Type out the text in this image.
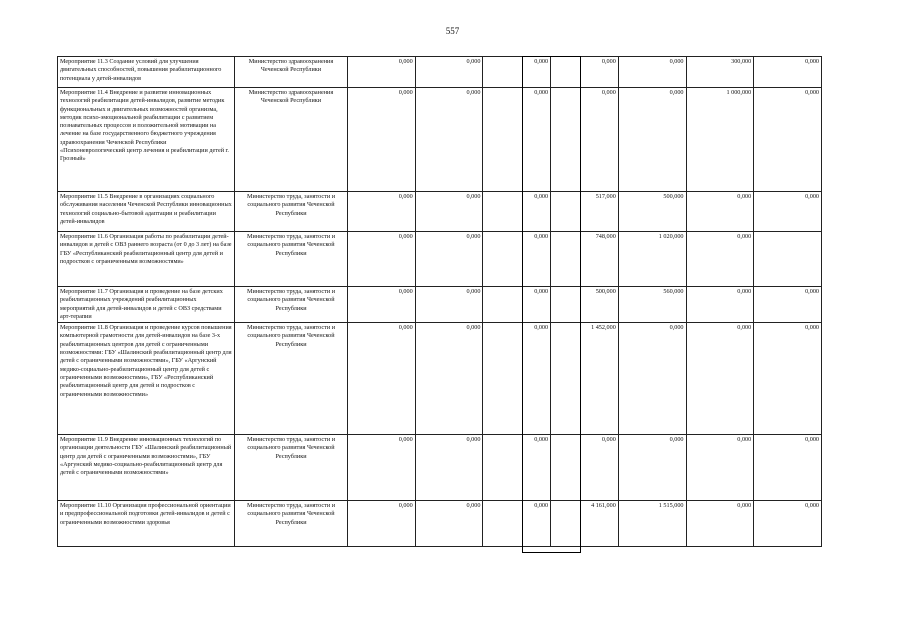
557
Мероприятие 11.3 Создание условий для улучшения двигательных способностей, повышения реабилитационного потенциала у детей-инвалидов	Министерство здравоохранения Чеченской Республики	0,000	0,000	0,000	0,000	0,000	300,000	0,000
Мероприятие 11.4 Внедрение и развитие инновационных технологий реабилитации детей-инвалидов, развитие методик функциональных и двигательных возможностей организма, методик психо-эмоциональной реабилитации с развитием познавательных процессов и положительной мотивации на лечение на базе государственного бюджетного учреждения здравоохранения Чеченской Республики «Психоневрологический центр лечения и реабилитации детей г. Грозный»	Министерство здравоохранения Чеченской Республики	0,000	0,000	0,000	0,000	0,000	1 000,000	0,000
Мероприятие 11.5 Внедрение в организациях социального обслуживания населения Чеченской Республики инновационных технологий социально-бытовой адаптации и реабилитации детей-инвалидов	Министерство труда, занятости и социального развития Чеченской Республики	0,000	0,000	0,000	517,000	500,000	0,000	0,000
Мероприятие 11.6 Организация работы по реабилитации детей-инвалидов и детей с ОВЗ раннего возраста (от 0 до 3 лет) на базе ГБУ «Республиканский реабилитационный центр для детей и подростков с ограниченными возможностями»	Министерство труда, занятости и социального развития Чеченской Республики	0,000	0,000	0,000	748,000	1 020,000	0,000	
Мероприятие 11.7 Организация и проведение на базе детских реабилитационных учреждений реабилитационных мероприятий для детей-инвалидов и детей с ОВЗ средствами арт-терапии	Министерство труда, занятости и социального развития Чеченской Республики	0,000	0,000	0,000	500,000	560,000	0,000	0,000
Мероприятие 11.8 Организация и проведение курсов повышения компьютерной грамотности для детей-инвалидов на базе 3-х реабилитационных центров для детей с ограниченными возможностями: ГБУ «Шалинский реабилитационный центр для детей с ограниченными возможностями», ГБУ «Аргунский медико-социально-реабилитационный центр для детей с ограниченными возможностями», ГБУ «Республиканский реабилитационный центр для детей и подростков с ограниченными возможностями»	Министерство труда, занятости и социального развития Чеченской Республики	0,000	0,000	0,000	1 452,000	0,000	0,000	0,000
Мероприятие 11.9 Внедрение инновационных технологий по организации деятельности ГБУ «Шалинский реабилитационный центр для детей с ограниченными возможностями», ГБУ «Аргунский медико-социально-реабилитационный центр для детей с ограниченными возможностями»	Министерство труда, занятости и социального развития Чеченской Республики	0,000	0,000	0,000	0,000	0,000	0,000	0,000
Мероприятие 11.10 Организация профессиональной ориентации и предпрофессиональной подготовки детей-инвалидов и детей с ограниченными возможностями здоровья	Министерство труда, занятости и социального развития Чеченской Республики	0,000	0,000	0,000	4 161,000	1 515,000	0,000	0,000
